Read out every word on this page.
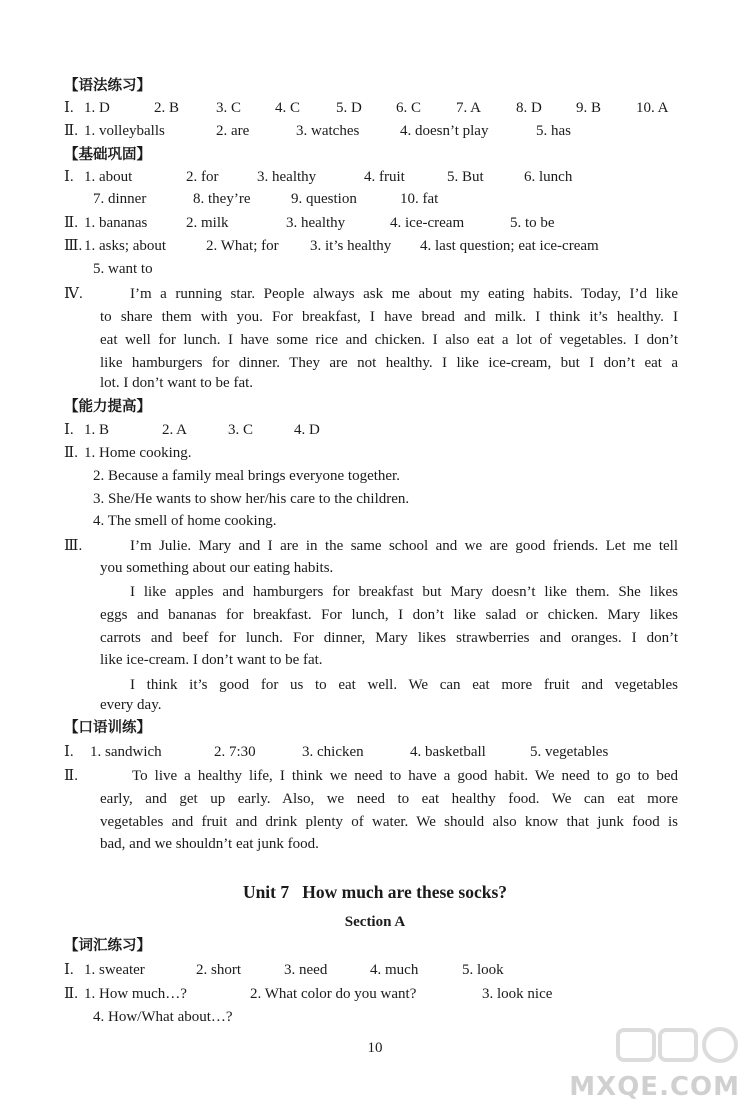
【语法练习】
Ⅰ. 1. D	2. B 3. C 4. C 5. D 6. C 7. A 8. D 9. B 10. A
Ⅱ. 1. volleyballs	2. are	3. watches	4. doesn’t play	5. has
【基础巩固】
Ⅰ. 1. about	2. for	3. healthy	4. fruit	5. But	6. lunch
7. dinner	8. they’re	9. question	10. fat
Ⅱ. 1. bananas	2. milk	3. healthy	4. ice-cream	5. to be
Ⅲ. 1. asks; about	2. What; for 3. it’s healthy 4. last question; eat ice-cream
5. want to
Ⅳ.	I’m a running star. People always ask me about my eating habits. Today, I’d like
to share them with you. For breakfast, I have bread and milk. I think it’s healthy. I
eat well for lunch. I have some rice and chicken. I also eat a lot of vegetables. I don’t
like hamburgers for dinner. They are not healthy. I like ice-cream, but I don’t eat a
lot. I don’t want to be fat.
【能力提高】
Ⅰ. 1. B	2. A	3. C	4. D
Ⅱ. 1. Home cooking.
2. Because a family meal brings everyone together.
3. She/He wants to show her/his care to the children.
4. The smell of home cooking.
Ⅲ.	I’m Julie. Mary and I are in the same school and we are good friends. Let me tell
you something about our eating habits.
I like apples and hamburgers for breakfast but Mary doesn’t like them. She likes
eggs and bananas for breakfast. For lunch, I don’t like salad or chicken. Mary likes
carrots and beef for lunch. For dinner, Mary likes strawberries and oranges. I don’t
like ice-cream. I don’t want to be fat.
I think it’s good for us to eat well. We can eat more fruit and vegetables
every day.
【口语训练】
Ⅰ. 1. sandwich	2. 7:30	3. chicken	4. basketball	5. vegetables
Ⅱ.	To live a healthy life, I think we need to have a good habit. We need to go to bed
early, and get up early. Also, we need to eat healthy food. We can eat more
vegetables and fruit and drink plenty of water. We should also know that junk food is
bad, and we shouldn’t eat junk food.
Unit 7   How much are these socks?
Section A
【词汇练习】
Ⅰ. 1. sweater	2. short	3. need	4. much	5. look
Ⅱ. 1. How much…?	2. What color do you want?	3. look nice
4. How/What about…?
10
MXQE.COM
